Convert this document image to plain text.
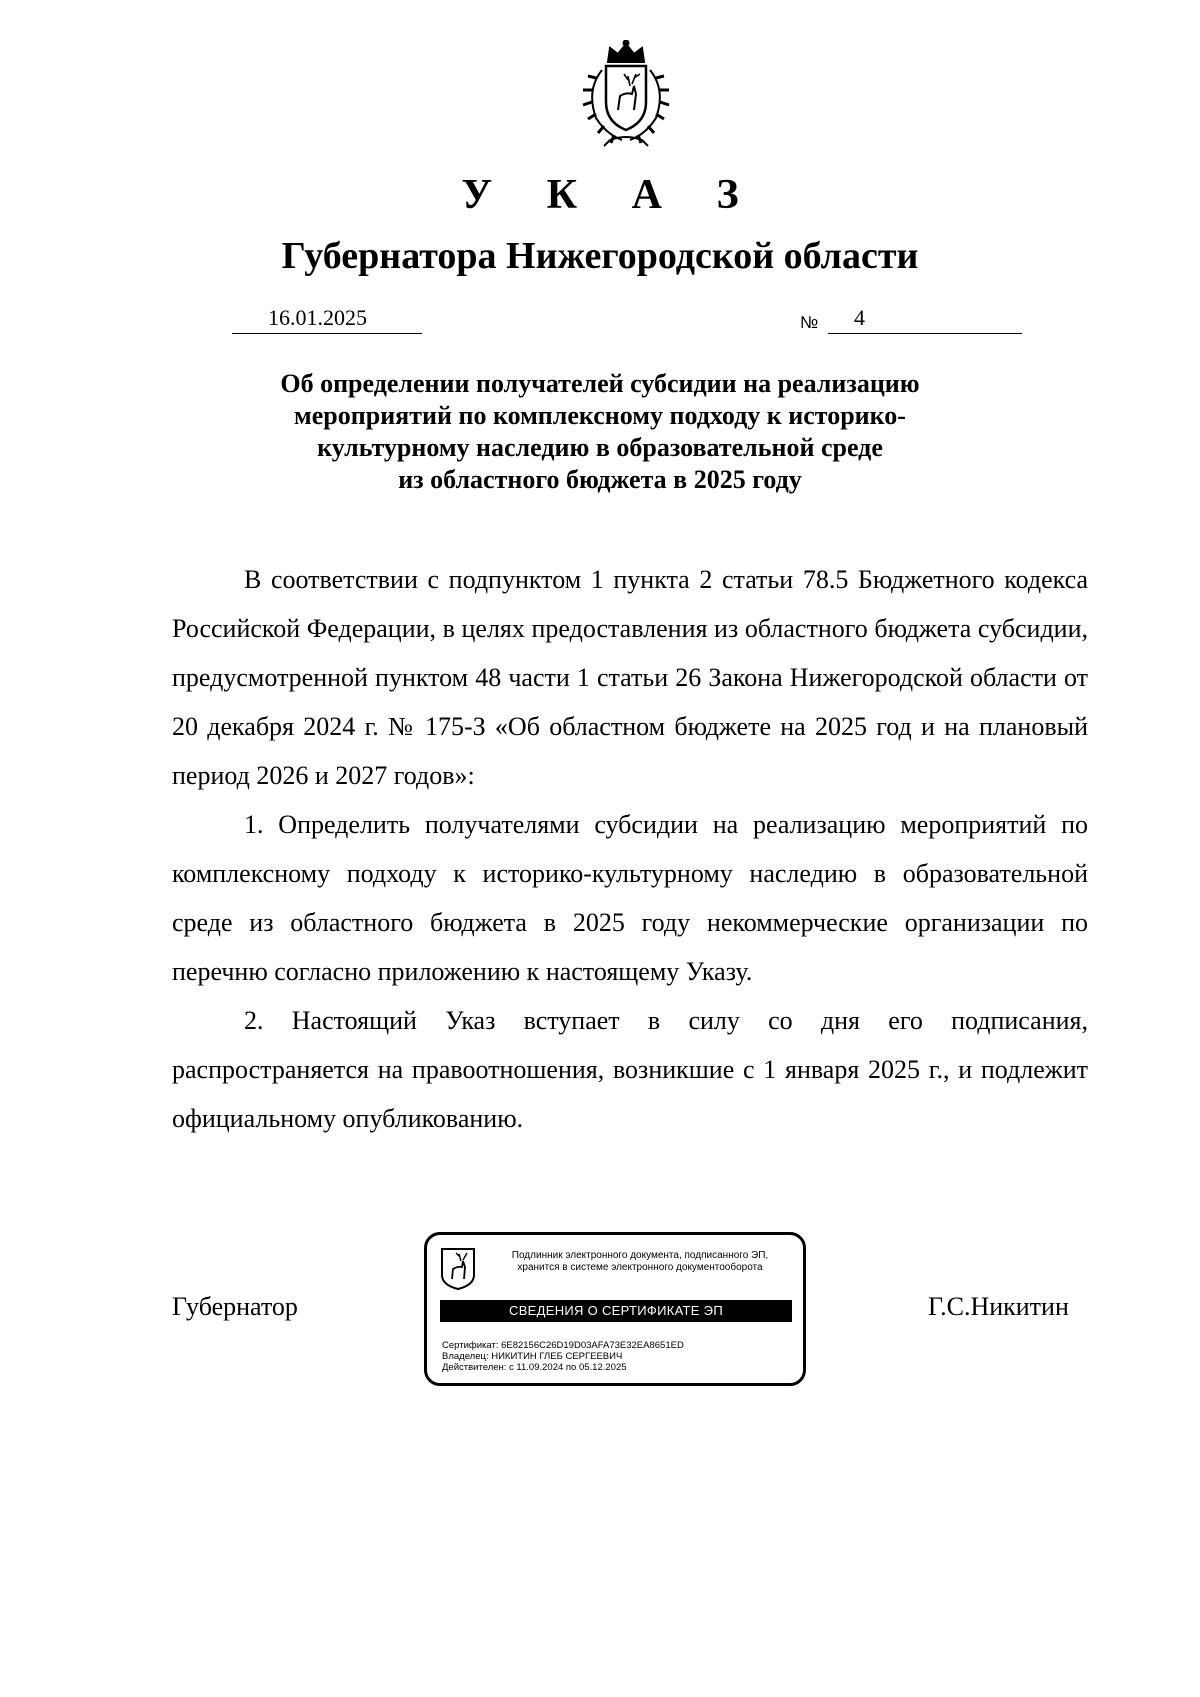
У К А З
Губернатора Нижегородской области
16.01.2025	№ 4
Об определении получателей субсидии на реализацию
мероприятий по комплексному подходу к историко-
культурному наследию в образовательной среде
из областного бюджета в 2025 году

В соответствии с подпунктом 1 пункта 2 статьи 78.5 Бюджетного кодекса Российской Федерации, в целях предоставления из областного бюджета субсидии, предусмотренной пунктом 48 части 1 статьи 26 Закона Нижегородской области от 20 декабря 2024 г. № 175-З «Об областном бюджете на 2025 год и на плановый период 2026 и 2027 годов»:

1. Определить получателями субсидии на реализацию мероприятий по комплексному подходу к историко-культурному наследию в образовательной среде из областного бюджета в 2025 году некоммерческие организации по перечню согласно приложению к настоящему Указу.

2. Настоящий Указ вступает в силу со дня его подписания, распространяется на правоотношения, возникшие с 1 января 2025 г., и подлежит официальному опубликованию.

Губернатор	Г.С.Никитин
Подлинник электронного документа, подписанного ЭП,
хранится в системе электронного документооборота
СВЕДЕНИЯ О СЕРТИФИКАТЕ ЭП
Сертификат: 6E82156C26D19D03AFA73E32EA8651ED
Владелец: НИКИТИН ГЛЕБ СЕРГЕЕВИЧ
Действителен: с 11.09.2024 по 05.12.2025
